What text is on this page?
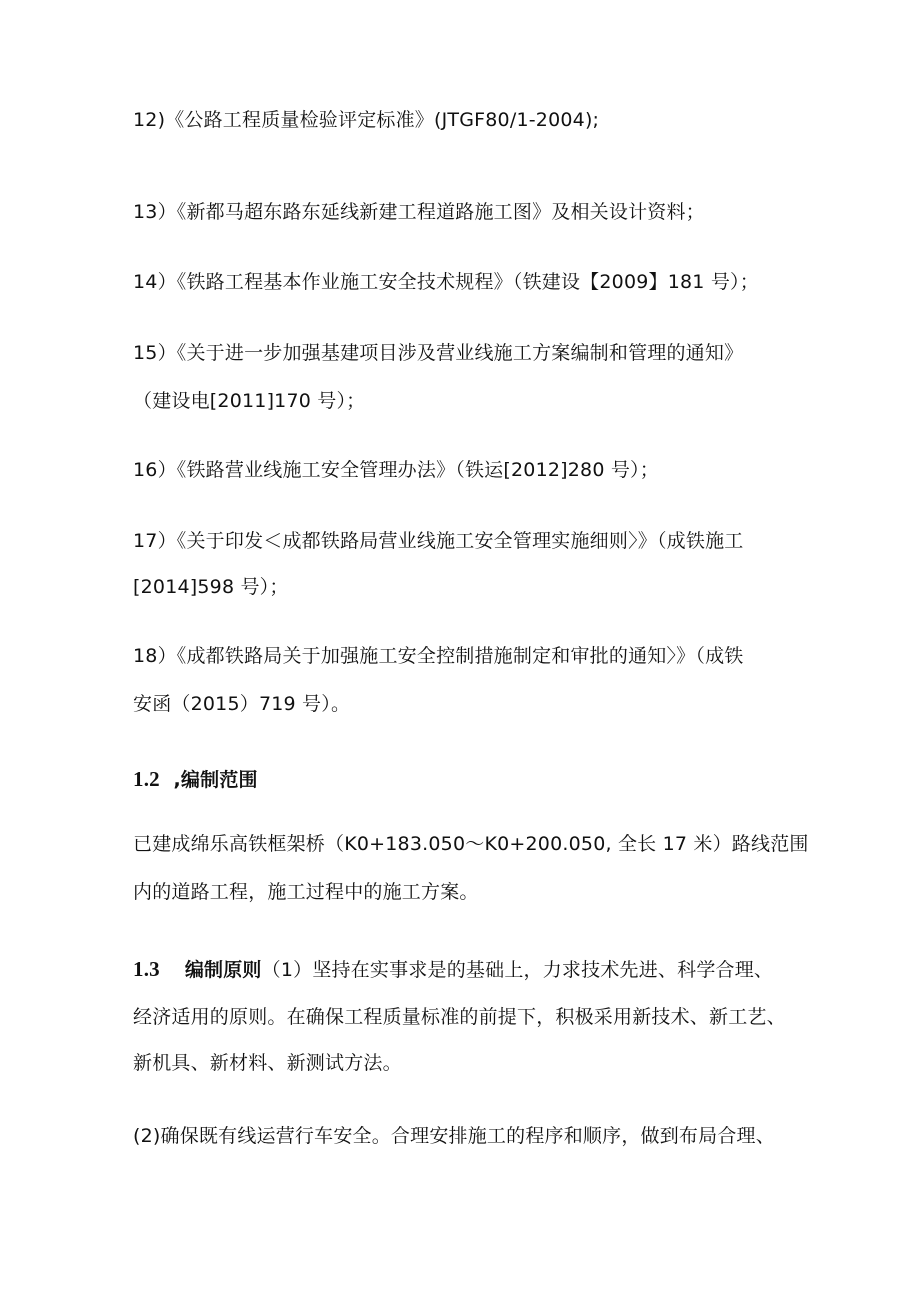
12)《公路工程质量检验评定标准》(JTGF80/1-2004);
13）《新都马超东路东延线新建工程道路施工图》及相关设计资料；
14）《铁路工程基本作业施工安全技术规程》（铁建设【2009】181 号）；
15）《关于进一步加强基建项目涉及营业线施工方案编制和管理的通知》
（建设电[2011]170 号）；
16）《铁路营业线施工安全管理办法》（铁运[2012]280 号）；
17）《关于印发＜成都铁路局营业线施工安全管理实施细则〉》（成铁施工
[2014]598 号）；
18）《成都铁路局关于加强施工安全控制措施制定和审批的通知〉》（成铁
安函（2015）719 号）。
1.2 ,编制范围
已建成绵乐高铁框架桥（K0+183.050～K0+200.050, 全长 17 米）路线范围
内的道路工程，施工过程中的施工方案。
1.3 编制原则（1）坚持在实事求是的基础上，力求技术先进、科学合理、
经济适用的原则。在确保工程质量标准的前提下，积极采用新技术、新工艺、
新机具、新材料、新测试方法。
(2)确保既有线运营行车安全。合理安排施工的程序和顺序，做到布局合理、
